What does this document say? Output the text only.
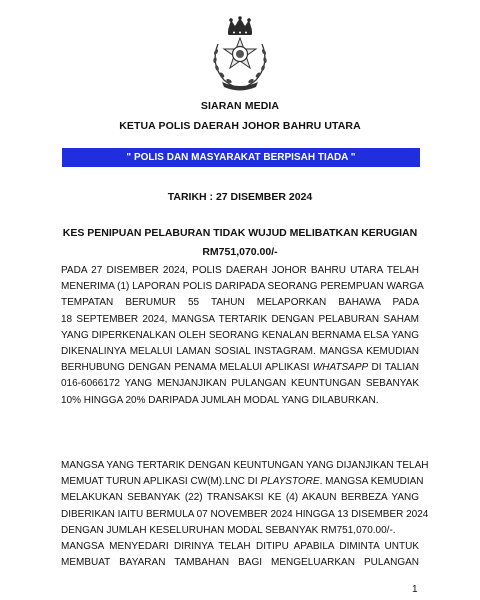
SIARAN MEDIA
KETUA POLIS DAERAH JOHOR BAHRU UTARA
" POLIS DAN MASYARAKAT BERPISAH TIADA "
TARIKH : 27 DISEMBER 2024
KES PENIPUAN PELABURAN TIDAK WUJUD MELIBATKAN KERUGIAN
RM751,070.00/-
PADA 27 DISEMBER 2024, POLIS DAERAH JOHOR BAHRU UTARA TELAH
MENERIMA (1) LAPORAN POLIS DARIPADA SEORANG PEREMPUAN WARGA
TEMPATAN BERUMUR 55 TAHUN MELAPORKAN BAHAWA PADA
18 SEPTEMBER 2024, MANGSA TERTARIK DENGAN PELABURAN SAHAM
YANG DIPERKENALKAN OLEH SEORANG KENALAN BERNAMA ELSA YANG
DIKENALINYA MELALUI LAMAN SOSIAL INSTAGRAM. MANGSA KEMUDIAN
BERHUBUNG DENGAN PENAMA MELALUI APLIKASI WHATSAPP DI TALIAN
016-6066172 YANG MENJANJIKAN PULANGAN KEUNTUNGAN SEBANYAK
10% HINGGA 20% DARIPADA JUMLAH MODAL YANG DILABURKAN.
MANGSA YANG TERTARIK DENGAN KEUNTUNGAN YANG DIJANJIKAN TELAH
MEMUAT TURUN APLIKASI CW(M).LNC DI PLAYSTORE. MANGSA KEMUDIAN
MELAKUKAN SEBANYAK (22) TRANSAKSI KE (4) AKAUN BERBEZA YANG
DIBERIKAN IAITU BERMULA 07 NOVEMBER 2024 HINGGA 13 DISEMBER 2024
DENGAN JUMLAH KESELURUHAN MODAL SEBANYAK RM751,070.00/-.
MANGSA MENYEDARI DIRINYA TELAH DITIPU APABILA DIMINTA UNTUK
MEMBUAT BAYARAN TAMBAHAN BAGI MENGELUARKAN PULANGAN
1
